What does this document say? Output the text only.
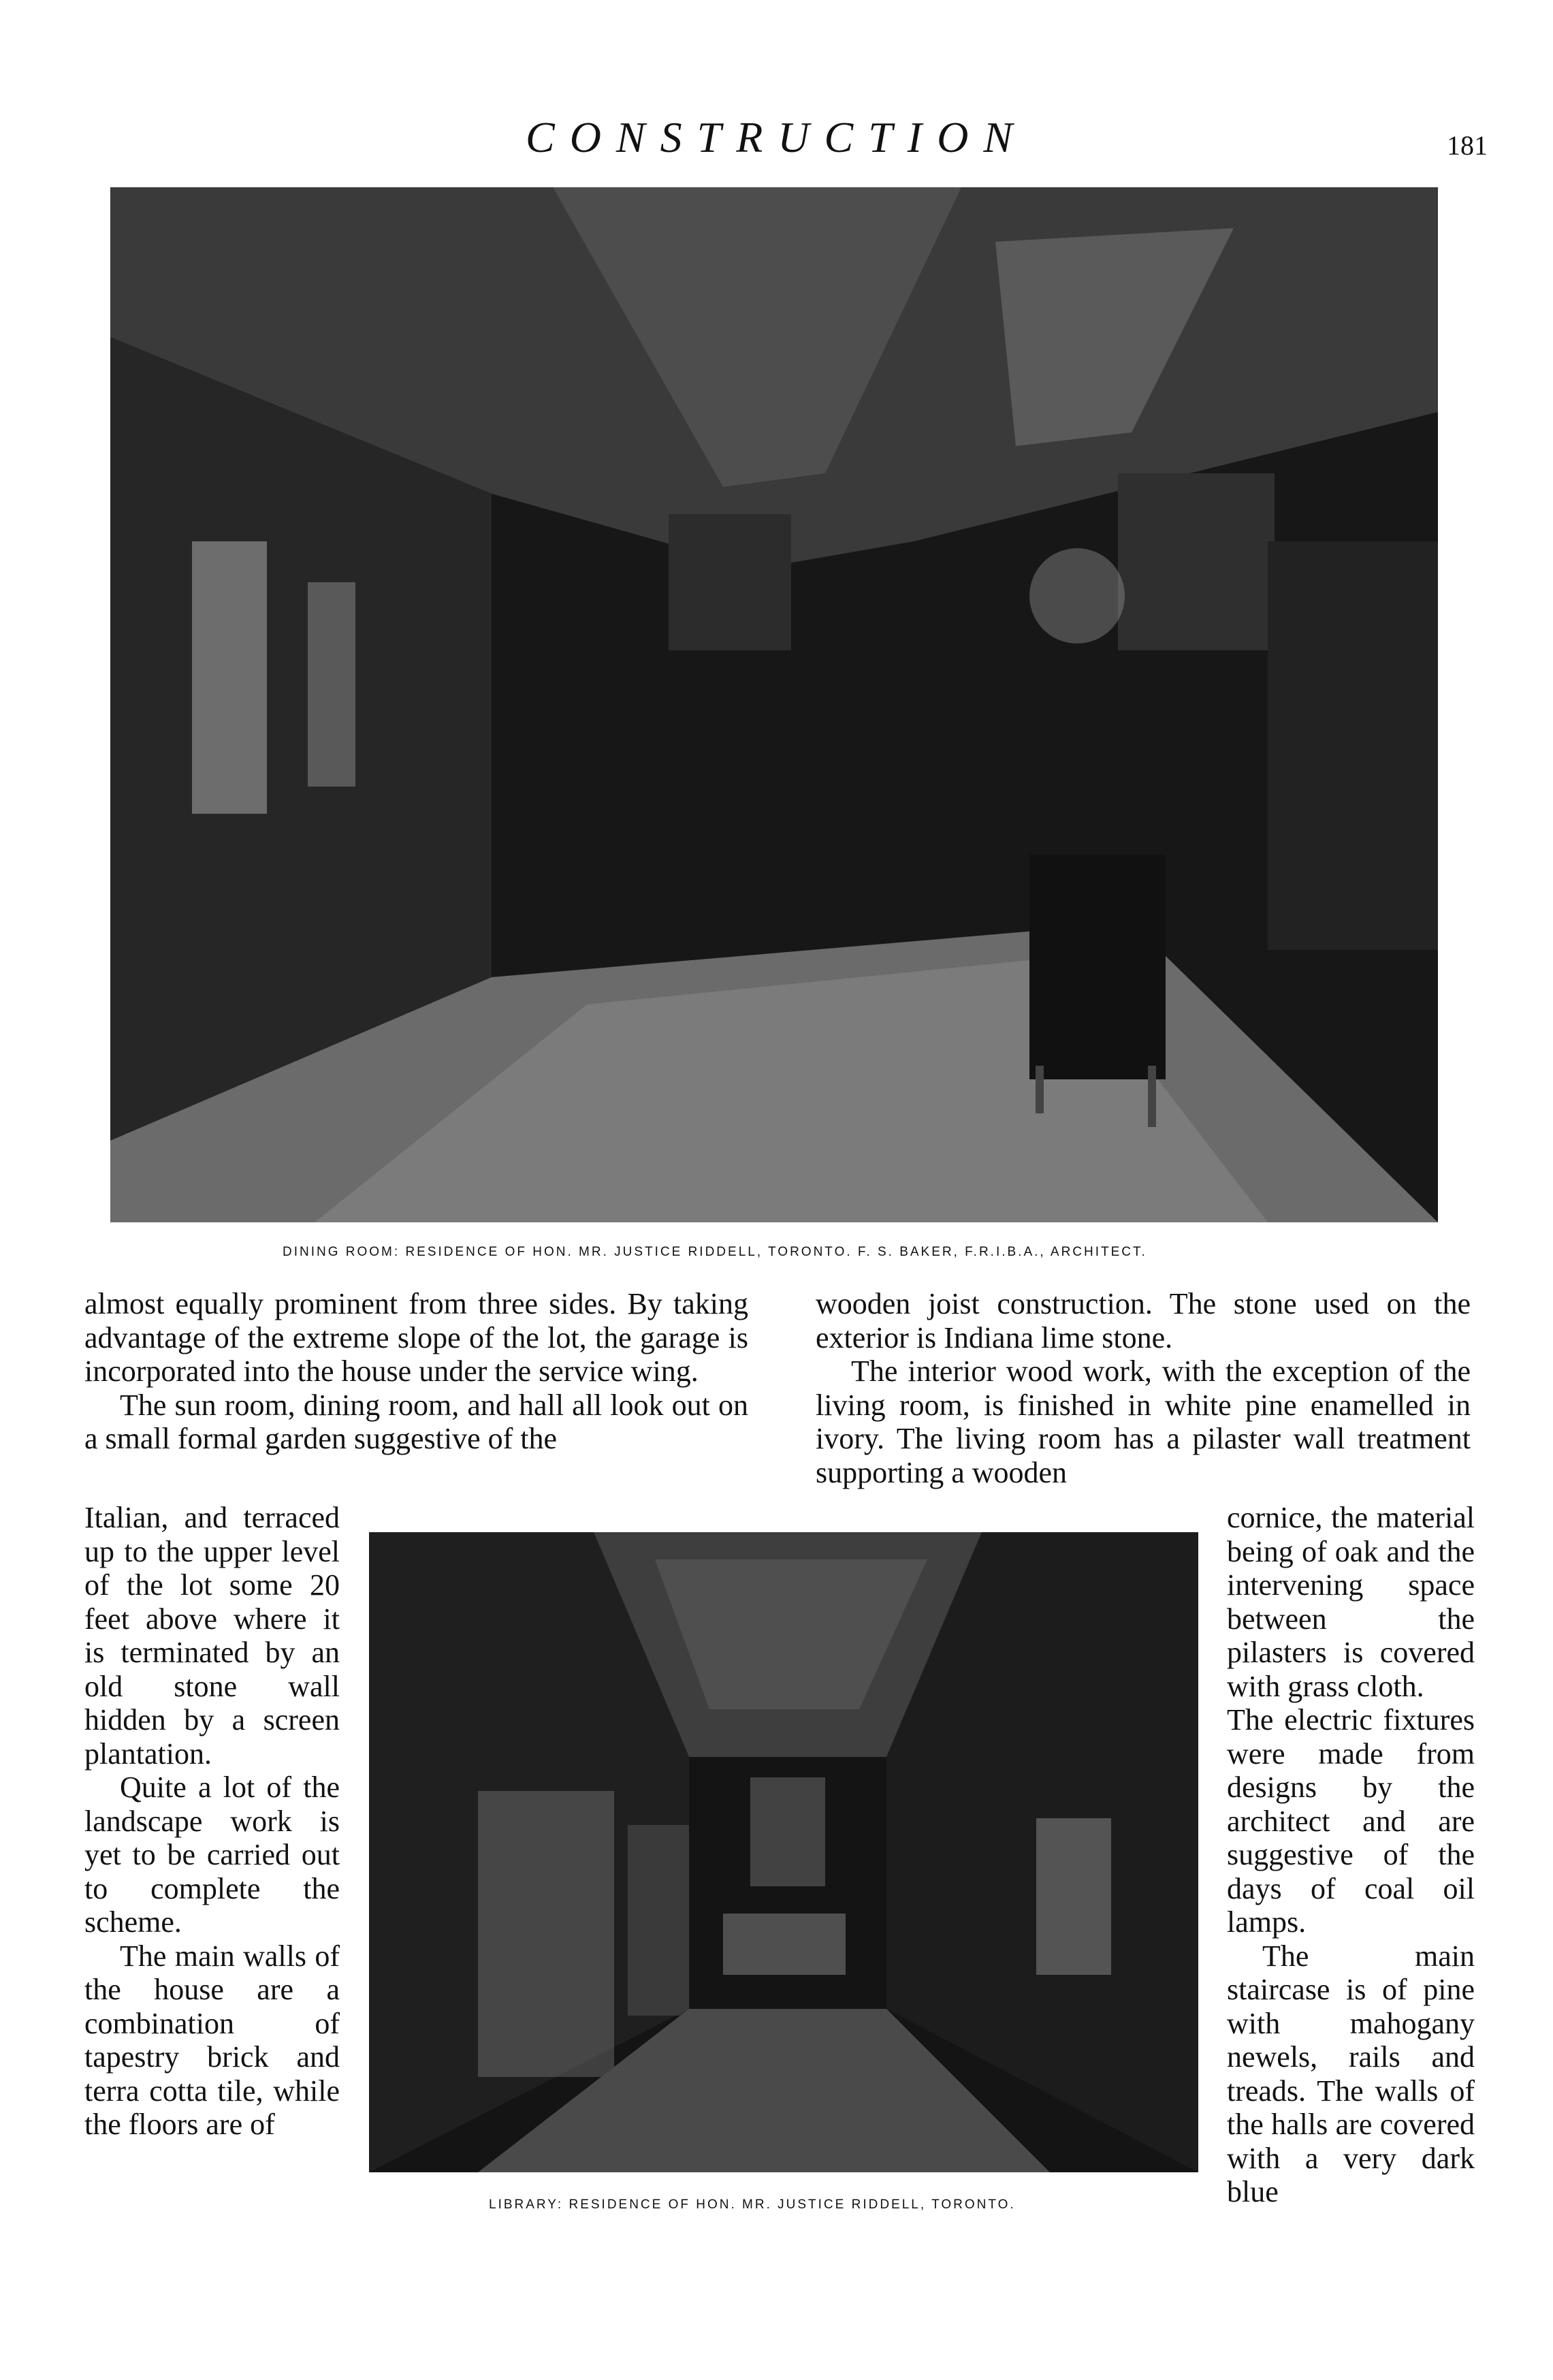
CONSTRUCTION	181
DINING ROOM: RESIDENCE OF HON. MR. JUSTICE RIDDELL, TORONTO. F. S. BAKER, F.R.I.B.A., ARCHITECT.

almost equally prominent from three sides. By taking advantage of the extreme slope of the lot, the garage is incorporated into the house under the service wing.

The sun room, dining room, and hall all look out on a small formal garden suggestive of the

Italian, and terraced up to the upper level of the lot some 20 feet above where it is terminated by an old stone wall hidden by a screen plantation.

Quite a lot of the landscape work is yet to be carried out to complete the scheme.

The main walls of the house are a combination of tapestry brick and terra cotta tile, while the floors are of

wooden joist construction. The stone used on the exterior is Indiana lime stone.

The interior wood work, with the exception of the living room, is finished in white pine enamelled in ivory. The living room has a pilaster wall treatment supporting a wooden

cornice, the material being of oak and the intervening space between the pilasters is covered with grass cloth.

The electric fixtures were made from designs by the architect and are suggestive of the days of coal oil lamps.

The main staircase is of pine with mahogany newels, rails and treads. The walls of the halls are covered with a very dark blue

LIBRARY: RESIDENCE OF HON. MR. JUSTICE RIDDELL, TORONTO.
